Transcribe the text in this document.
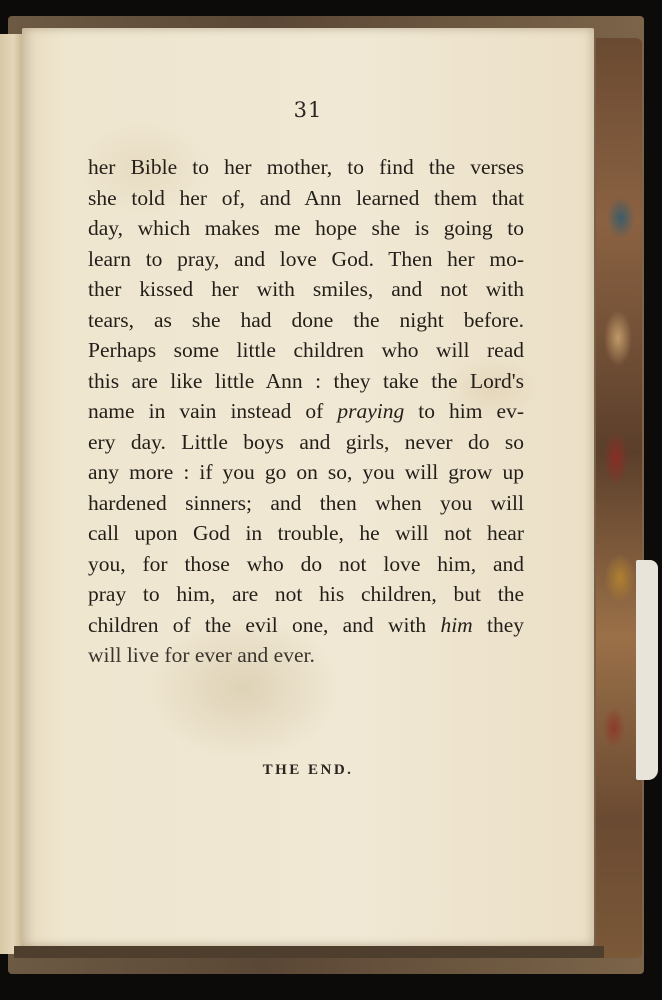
31
her Bible to her mother, to find the verses
she told her of, and Ann learned them that
day, which makes me hope she is going to
learn to pray, and love God. Then her mo-
ther kissed her with smiles, and not with
tears, as she had done the night before.
Perhaps some little children who will read
this are like little Ann : they take the Lord's
name in vain instead of praying to him ev-
ery day. Little boys and girls, never do so
any more : if you go on so, you will grow up
hardened sinners; and then when you will
call upon God in trouble, he will not hear
you, for those who do not love him, and
pray to him, are not his children, but the
children of the evil one, and with him they
will live for ever and ever.
THE END.
